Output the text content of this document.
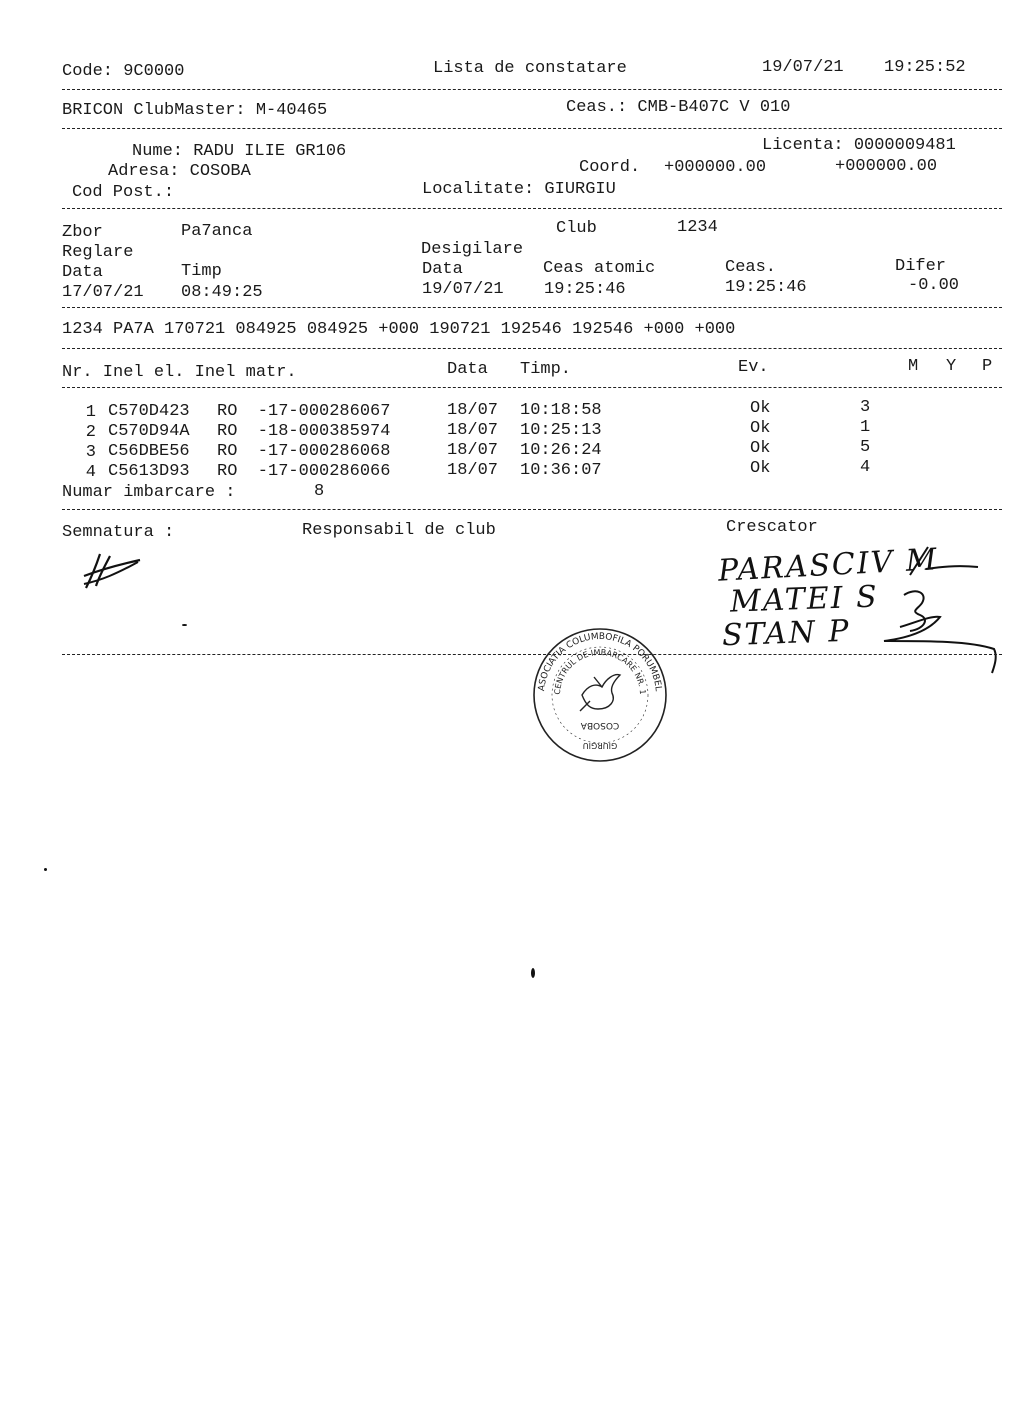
Code: 9C0000	Lista de constatare	19/07/21 19:25:52
BRICON ClubMaster: M-40465	Ceas.: CMB-B407C V 010
Nume: RADU ILIE GR106	Licenta: 0000009481
Adresa: COSOBA	Coord. +000000.00	+000000.00
Cod Post.:	Localitate: GIURGIU
Zbor	Pa7anca	Club	1234
Reglare	Desigilare
Data	Timp	Data	Ceas atomic	Ceas.	Difer
17/07/21 08:49:25	19/07/21 19:25:46	19:25:46	-0.00
1234 PA7A 170721 084925 084925 +000 190721 192546 192546 +000 +000
Nr. Inel el. Inel matr.	Data Timp.	Ev.	M Y P
1 C570D423 RO  -17-000286067	18/07 10:18:58	Ok	3
2 C570D94A RO  -18-000385974	18/07 10:25:13	Ok	1
3 C56DBE56 RO  -17-000286068	18/07 10:26:24	Ok	5
4 C5613D93 RO  -17-000286066	18/07 10:36:07	Ok	4
Numar imbarcare :	8
Semnatura :	Responsabil de club	Crescator
PARASCIV M
MATEI S
STAN P
ASOCIATIA COLUMBOFILA PORUMBEL
CENTRUL DE IMBARCARE NR. 1
COSOBA
GIURGIU
